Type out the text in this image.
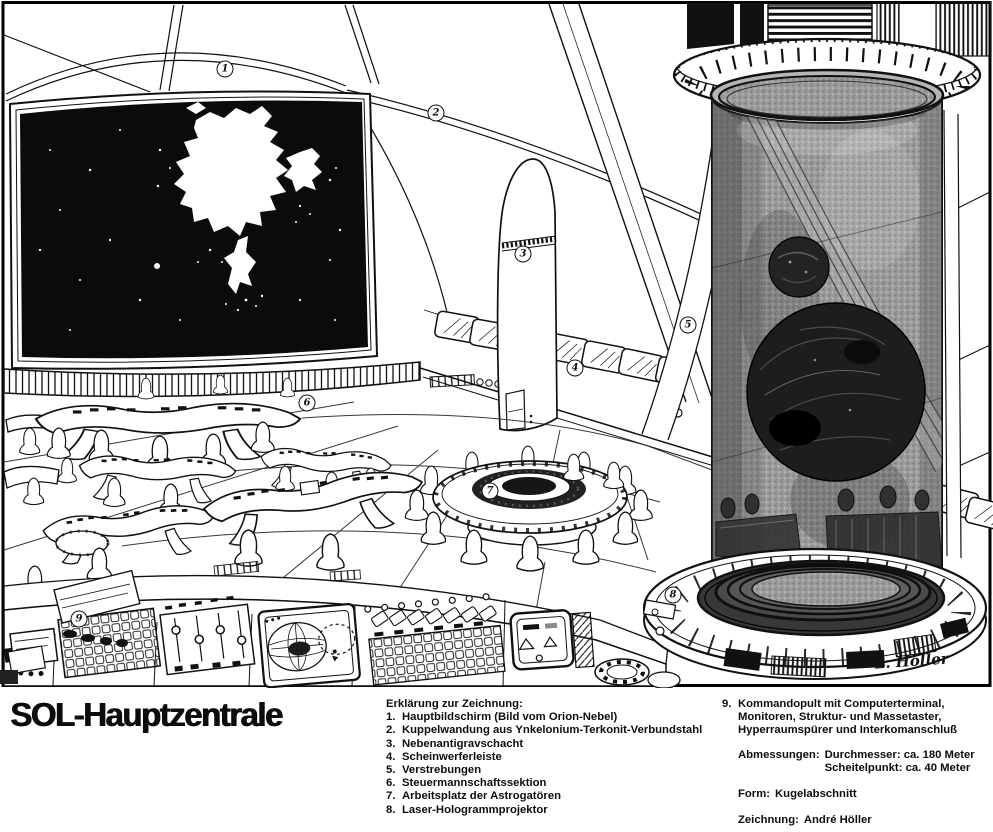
L. Höller
1
2
3
4
5
6
7
8
9
SOL-Hauptzentrale	Erklärung zur Zeichnung:

1. Hauptbildschirm (Bild vom Orion-Nebel)
2. Kuppelwandung aus Ynkelonium-Terkonit-Verbundstahl
3. Nebenantigravschacht
4. Scheinwerferleiste
5. Verstrebungen
6. Steuermannschaftssektion
7. Arbeitsplatz der Astrogatören
8. Laser-Hologrammprojektor
9. Kommandopult mit Computerterminal, Monitoren, Struktur- und Massetaster, Hyperraumspürer und Interkomanschluß
Abmessungen: Durchmesser: ca. 180 Meter
Scheitelpunkt: ca. 40 Meter
Form: Kugelabschnitt
Zeichnung: André Höller
